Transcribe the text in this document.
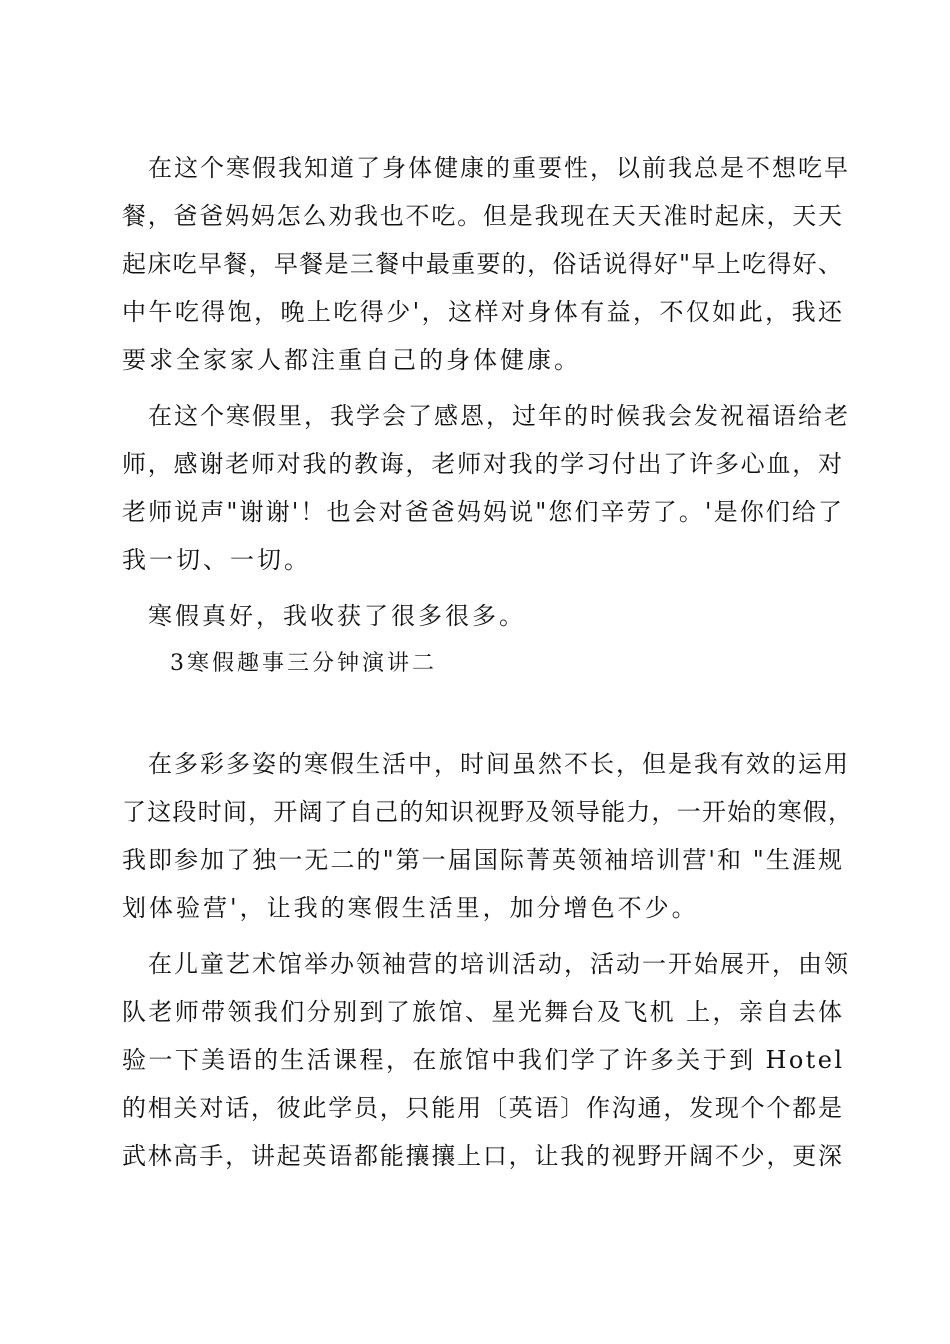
在这个寒假我知道了身体健康的重要性，以前我总是不想吃早
餐，爸爸妈妈怎么劝我也不吃。但是我现在天天准时起床，天天
起床吃早餐，早餐是三餐中最重要的，俗话说得好"早上吃得好、
中午吃得饱，晚上吃得少'，这样对身体有益，不仅如此，我还
要求全家家人都注重自己的身体健康。
在这个寒假里，我学会了感恩，过年的时候我会发祝福语给老
师，感谢老师对我的教诲，老师对我的学习付出了许多心血，对
老师说声"谢谢'！也会对爸爸妈妈说"您们辛劳了。'是你们给了
我一切、一切。
寒假真好，我收获了很多很多。
3寒假趣事三分钟演讲二
在多彩多姿的寒假生活中，时间虽然不长，但是我有效的运用
了这段时间，开阔了自己的知识视野及领导能力，一开始的寒假，
我即参加了独一无二的"第一届国际菁英领袖培训营'和 "生涯规
划体验营'，让我的寒假生活里，加分增色不少。
在儿童艺术馆举办领袖营的培训活动，活动一开始展开，由领
队老师带领我们分别到了旅馆、星光舞台及飞机 上，亲自去体
验一下美语的生活课程，在旅馆中我们学了许多关于到 Hotel
的相关对话，彼此学员，只能用〔英语〕作沟通，发现个个都是
武林高手，讲起英语都能攘攘上口，让我的视野开阔不少，更深
